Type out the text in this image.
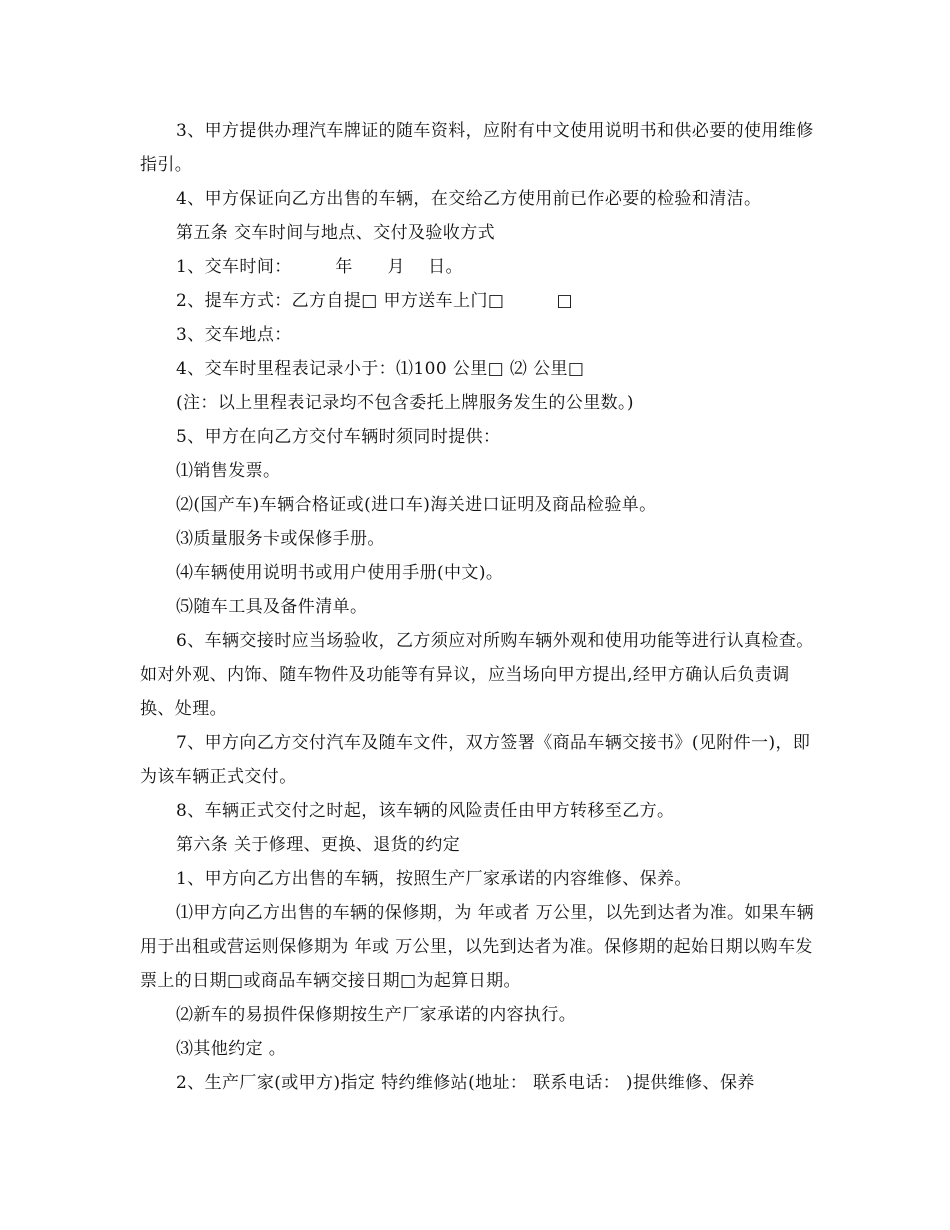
3、甲方提供办理汽车牌证的随车资料，应附有中文使用说明书和供必要的使用维修指引。

4、甲方保证向乙方出售的车辆，在交给乙方使用前已作必要的检验和清洁。

第五条 交车时间与地点、交付及验收方式

1、交车时间：　　　年　　月　 日。

2、提车方式：乙方自提□ 甲方送车上门□　　　□

3、交车地点：

4、交车时里程表记录小于：⑴100 公里□ ⑵ 公里□

(注：以上里程表记录均不包含委托上牌服务发生的公里数。)

5、甲方在向乙方交付车辆时须同时提供：

⑴销售发票。

⑵(国产车)车辆合格证或(进口车)海关进口证明及商品检验单。

⑶质量服务卡或保修手册。

⑷车辆使用说明书或用户使用手册(中文)。

⑸随车工具及备件清单。

6、车辆交接时应当场验收，乙方须应对所购车辆外观和使用功能等进行认真检查。如对外观、内饰、随车物件及功能等有异议，应当场向甲方提出,经甲方确认后负责调换、处理。

7、甲方向乙方交付汽车及随车文件，双方签署《商品车辆交接书》(见附件一)，即为该车辆正式交付。

8、车辆正式交付之时起，该车辆的风险责任由甲方转移至乙方。

第六条 关于修理、更换、退货的约定

1、甲方向乙方出售的车辆，按照生产厂家承诺的内容维修、保养。

⑴甲方向乙方出售的车辆的保修期，为 年或者 万公里，以先到达者为准。如果车辆用于出租或营运则保修期为 年或 万公里，以先到达者为准。保修期的起始日期以购车发票上的日期□或商品车辆交接日期□为起算日期。

⑵新车的易损件保修期按生产厂家承诺的内容执行。

⑶其他约定 。

2、生产厂家(或甲方)指定 特约维修站(地址： 联系电话： )提供维修、保养
